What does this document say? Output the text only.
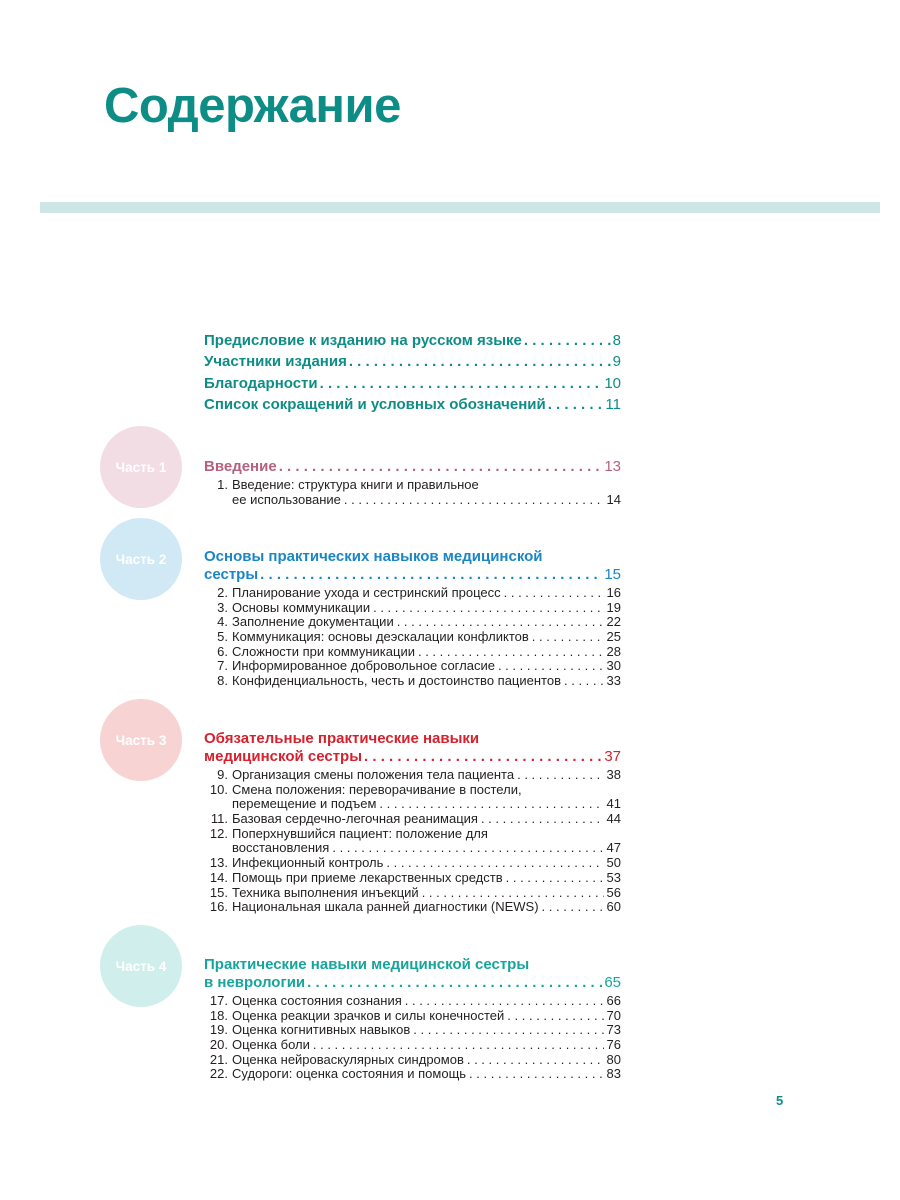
Содержание
Предисловие к изданию на русском языке . . .	8
Участники издания . . .	9
Благодарности . . .	10
Список сокращений и условных обозначений . . .	11
Часть 1	Введение . . .	13
1. Введение: структура книги и правильное
ее использование . . .	14
Часть 2	Основы практических навыков медицинской
сестры . . .	15
2. Планирование ухода и сестринский процесс . . .	16
3. Основы коммуникации . . .	19
4. Заполнение документации . . .	22
5. Коммуникация: основы деэскалации конфликтов . . .	25
6. Сложности при коммуникации . . .	28
7. Информированное добровольное согласие . . .	30
8. Конфиденциальность, честь и достоинство пациентов . . .	33
Часть 3	Обязательные практические навыки
медицинской сестры . . .	37
9. Организация смены положения тела пациента . . .	38
10. Смена положения: переворачивание в постели,
перемещение и подъем . . .	41
11. Базовая сердечно-легочная реанимация . . .	44
12. Поперхнувшийся пациент: положение для
восстановления . . .	47
13. Инфекционный контроль . . .	50
14. Помощь при приеме лекарственных средств . . .	53
15. Техника выполнения инъекций . . .	56
16. Национальная шкала ранней диагностики (NEWS) . . .	60
Часть 4	Практические навыки медицинской сестры
в неврологии . . .	65
17. Оценка состояния сознания . . .	66
18. Оценка реакции зрачков и силы конечностей . . .	70
19. Оценка когнитивных навыков . . .	73
20. Оценка боли . . .	76
21. Оценка нейроваскулярных синдромов . . .	80
22. Судороги: оценка состояния и помощь . . .	83
5
